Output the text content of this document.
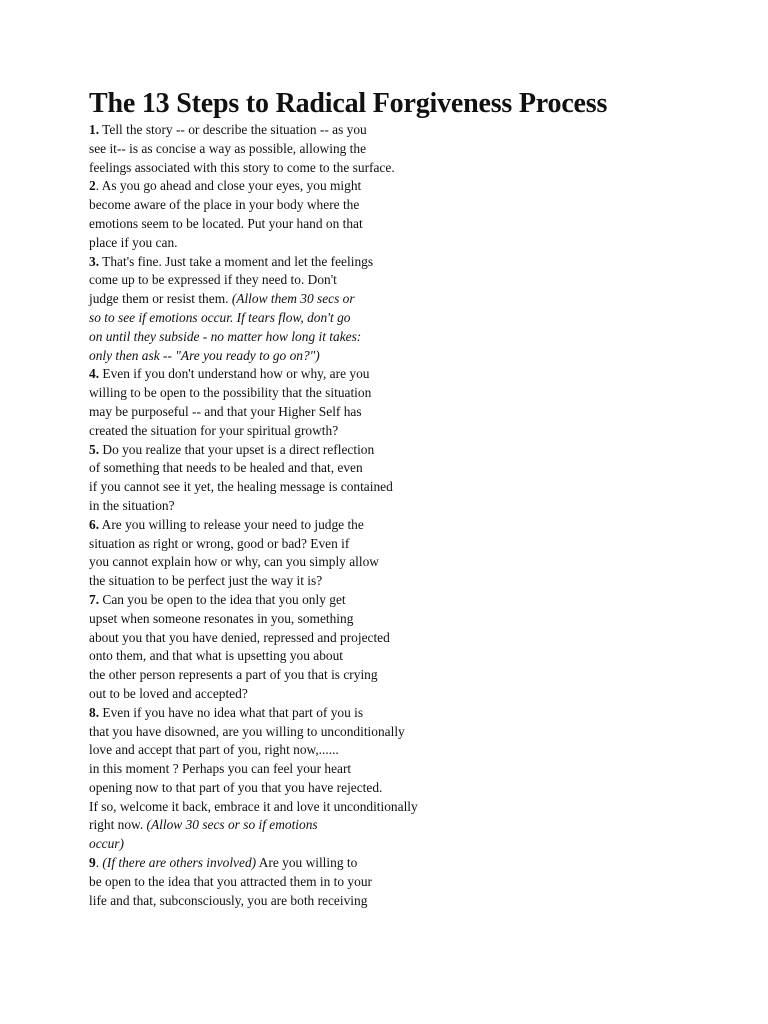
The 13 Steps to Radical Forgiveness Process
1. Tell the story -- or describe the situation -- as you
see it-- is as concise a way as possible, allowing the
feelings associated with this story to come to the surface.
2. As you go ahead and close your eyes, you might
become aware of the place in your body where the
emotions seem to be located. Put your hand on that
place if you can.
3. That's fine. Just take a moment and let the feelings
come up to be expressed if they need to. Don't
judge them or resist them. (Allow them 30 secs or
so to see if emotions occur. If tears flow, don't go
on until they subside - no matter how long it takes:
only then ask -- "Are you ready to go on?")
4. Even if you don't understand how or why, are you
willing to be open to the possibility that the situation
may be purposeful -- and that your Higher Self has
created the situation for your spiritual growth?
5. Do you realize that your upset is a direct reflection
of something that needs to be healed and that, even
if you cannot see it yet, the healing message is contained
in the situation?
6. Are you willing to release your need to judge the
situation as right or wrong, good or bad? Even if
you cannot explain how or why, can you simply allow
the situation to be perfect just the way it is?
7. Can you be open to the idea that you only get
upset when someone resonates in you, something
about you that you have denied, repressed and projected
onto them, and that what is upsetting you about
the other person represents a part of you that is crying
out to be loved and accepted?
8. Even if you have no idea what that part of you is
that you have disowned, are you willing to unconditionally
love and accept that part of you, right now,......
in this moment ? Perhaps you can feel your heart
opening now to that part of you that you have rejected.
If so, welcome it back, embrace it and love it unconditionally
right now. (Allow 30 secs or so if emotions
occur)
9. (If there are others involved) Are you willing to
be open to the idea that you attracted them in to your
life and that, subconsciously, you are both receiving
